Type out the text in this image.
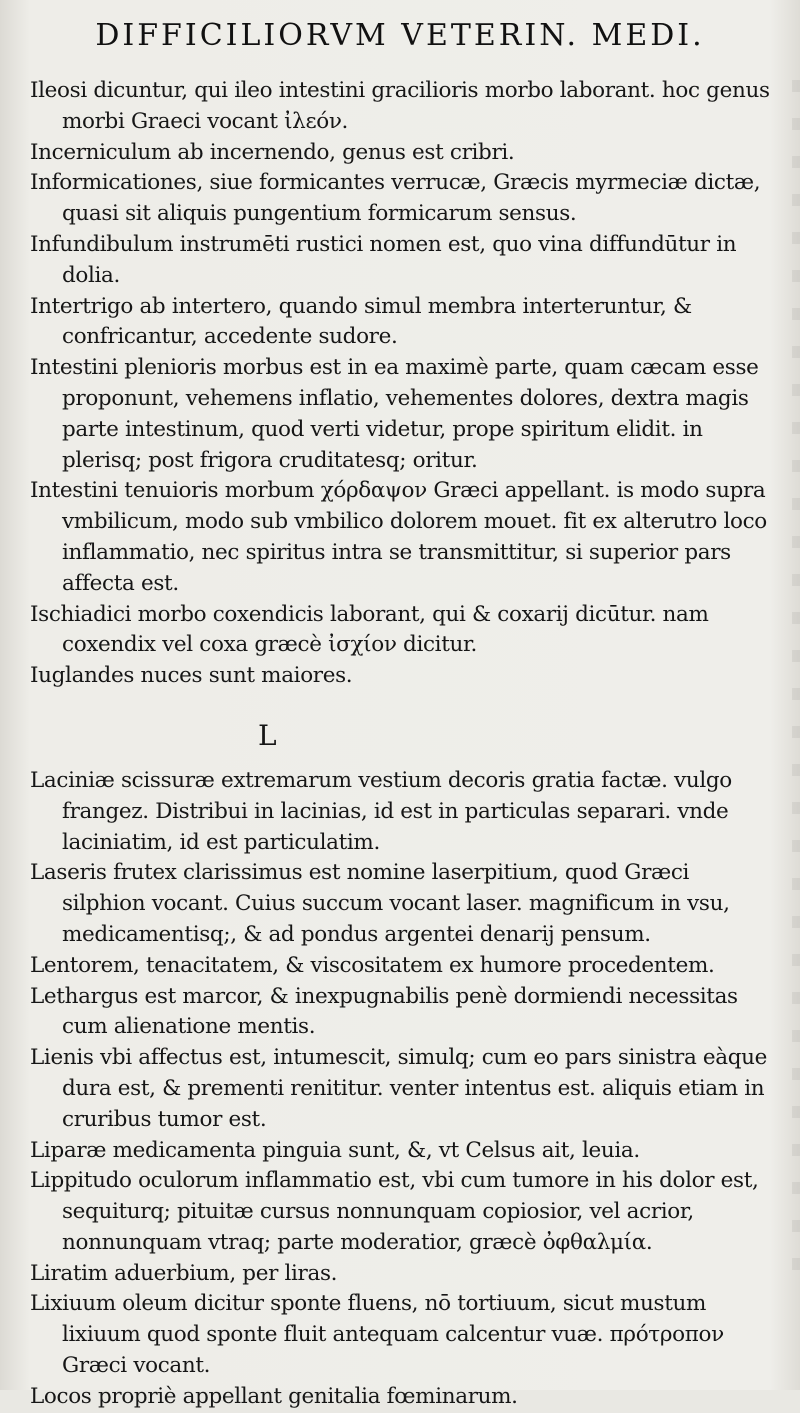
DIFFICILIORVM VETERIN. MEDI.

Ileosi dicuntur, qui ileo intestini gracilioris morbo laborant. hoc genus morbi Graeci vocant ἰλεόν.

Incerniculum ab incernendo, genus est cribri.

Informicationes, siue formicantes verrucæ, Græcis myrmeciæ dictæ, quasi sit aliquis pungentium formicarum sensus.

Infundibulum instrumēti rustici nomen est, quo vina diffundūtur in dolia.

Intertrigo ab intertero, quando simul membra interteruntur, & confricantur, accedente sudore.

Intestini plenioris morbus est in ea maximè parte, quam cæcam esse proponunt, vehemens inflatio, vehementes dolores, dextra magis parte intestinum, quod verti videtur, prope spiritum elidit. in plerisq; post frigora cruditatesq; oritur.

Intestini tenuioris morbum χόρδαψον Græci appellant. is modo supra vmbilicum, modo sub vmbilico dolorem mouet. fit ex alterutro loco inflammatio, nec spiritus intra se transmittitur, si superior pars affecta est.

Ischiadici morbo coxendicis laborant, qui & coxarij dicūtur. nam coxendix vel coxa græcè ἰσχίον dicitur.

Iuglandes nuces sunt maiores.

L

Laciniæ scissuræ extremarum vestium decoris gratia factæ. vulgo frangez. Distribui in lacinias, id est in particulas separari. vnde laciniatim, id est particulatim.

Laseris frutex clarissimus est nomine laserpitium, quod Græci silphion vocant. Cuius succum vocant laser. magnificum in vsu, medicamentisq;, & ad pondus argentei denarij pensum.

Lentorem, tenacitatem, & viscositatem ex humore procedentem.

Lethargus est marcor, & inexpugnabilis penè dormiendi necessitas cum alienatione mentis.

Lienis vbi affectus est, intumescit, simulq; cum eo pars sinistra eàque dura est, & prementi renititur. venter intentus est. aliquis etiam in cruribus tumor est.

Liparæ medicamenta pinguia sunt, &, vt Celsus ait, leuia.

Lippitudo oculorum inflammatio est, vbi cum tumore in his dolor est, sequiturq; pituitæ cursus nonnunquam copiosior, vel acrior, nonnunquam vtraq; parte moderatior, græcè ὀφθαλμία.

Liratim aduerbium, per liras.

Lixiuum oleum dicitur sponte fluens, nō tortiuum, sicut mustum lixiuum quod sponte fluit antequam calcentur vuæ. πρότροπον Græci vocant.

Locos propriè appellant genitalia fœminarum.
